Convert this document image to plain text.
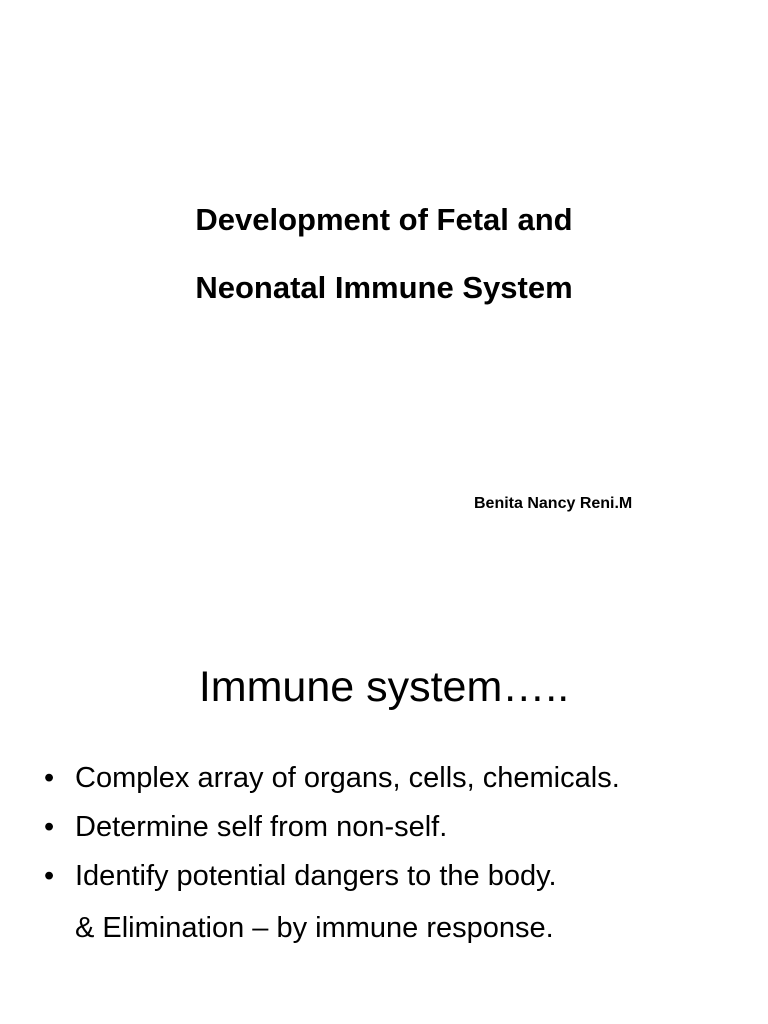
Development of Fetal and
Neonatal Immune System
Benita Nancy Reni.M
Immune system…..
• Complex array of organs, cells, chemicals.
• Determine self from non-self.
• Identify potential dangers to the body.
& Elimination – by immune response.
